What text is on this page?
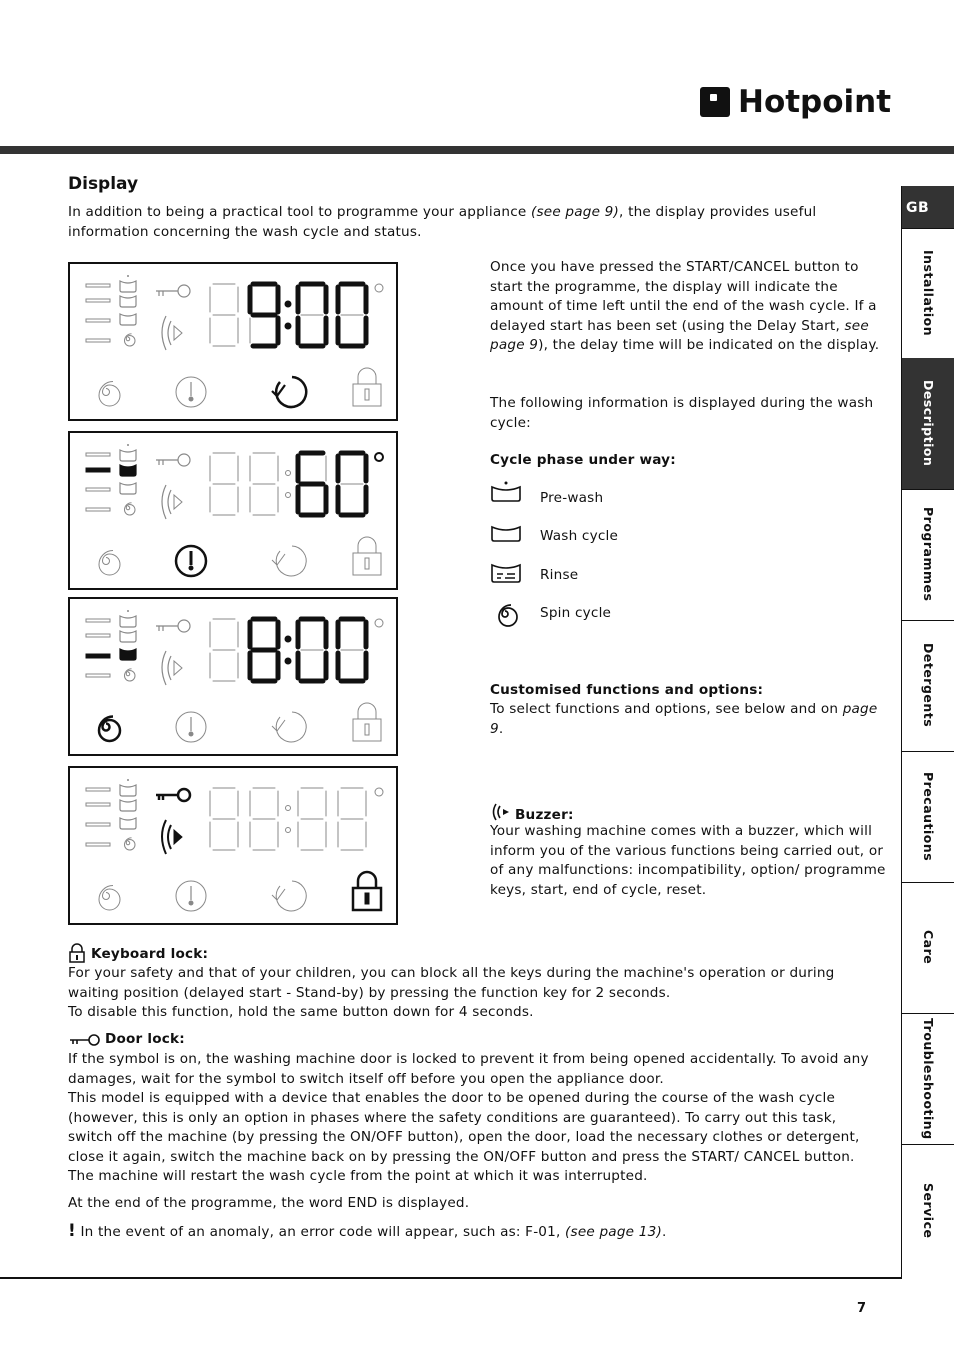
Hotpoint
GB
Installation
Description
Programmes
Detergents
Precautions
Care
Troubleshooting
Service
Display

In addition to being a practical tool to programme your appliance (see page 9), the display provides useful information concerning the wash cycle and status.

Once you have pressed the START/CANCEL button to start the programme, the display will indicate the amount of time left until the end of the wash cycle. If a delayed start has been set (using the Delay Start, see page 9), the delay time will be indicated on the display.

The following information is displayed during the wash cycle:

Cycle phase under way:

Pre-wash
Wash cycle
Rinse
Spin cycle

Customised functions and options:

To select functions and options, see below and on page 9.

Buzzer:

Your washing machine comes with a buzzer, which will inform you of the various functions being carried out, or of any malfunctions: incompatibility, option/ programme keys, start, end of cycle, reset.

Keyboard lock:

For your safety and that of your children, you can block all the keys during the machine's operation or during waiting position (delayed start - Stand-by) by pressing the function key for 2 seconds.

To disable this function, hold the same button down for 4 seconds.

Door lock:

If the symbol is on, the washing machine door is locked to prevent it from being opened accidentally. To avoid any damages, wait for the symbol to switch itself off before you open the appliance door.

This model is equipped with a device that enables the door to be opened during the course of the wash cycle (however, this is only an option in phases where the safety conditions are guaranteed). To carry out this task, switch off the machine (by pressing the ON/OFF button), open the door, load the necessary clothes or detergent, close it again, switch the machine back on by pressing the ON/OFF button and press the START/ CANCEL button. The machine will restart the wash cycle from the point at which it was interrupted.

At the end of the programme, the word END is displayed.

! In the event of an anomaly, an error code will appear, such as: F-01, (see page 13).

7
